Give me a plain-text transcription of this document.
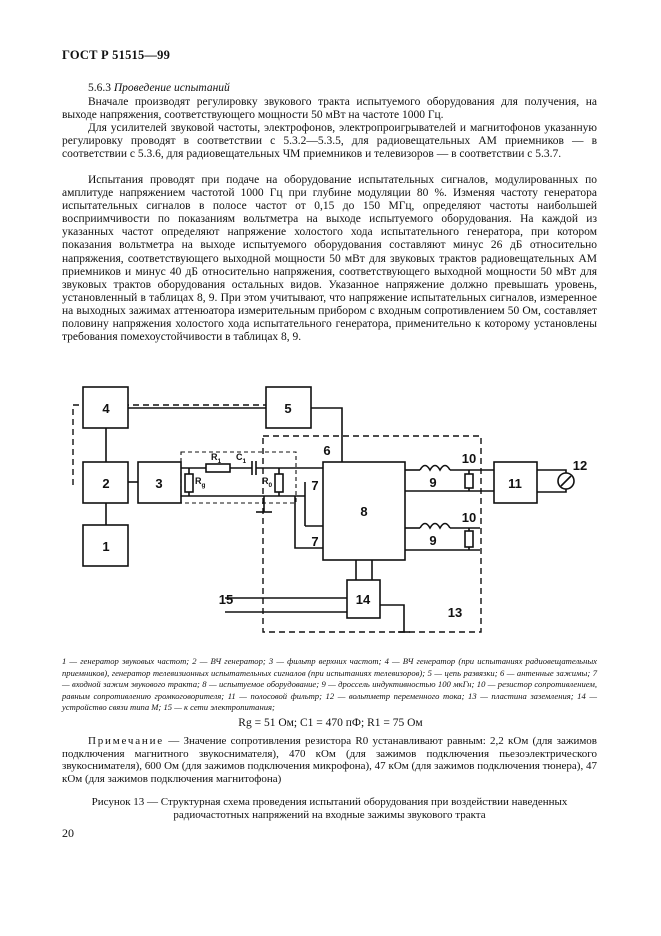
ГОСТ Р 51515—99
5.6.3 Проведение испытаний

Вначале производят регулировку звукового тракта испытуемого оборудования для получения, на выходе напряжения, соответствующего мощности 50 мВт на частоте 1000 Гц.

Для усилителей звуковой частоты, электрофонов, электропроигрывателей и магнитофонов указанную регулировку проводят в соответствии с 5.3.2—5.3.5, для радиовещательных АМ приемников — в соответствии с 5.3.6, для радиовещательных ЧМ приемников и телевизоров — в соответствии с 5.3.7.

Испытания проводят при подаче на оборудование испытательных сигналов, модулированных по амплитуде напряжением частотой 1000 Гц при глубине модуляции 80 %. Изменяя частоту генератора испытательных сигналов в полосе частот от 0,15 до 150 МГц, определяют частоты наибольшей восприимчивости по показаниям вольтметра на выходе испытуемого оборудования. На каждой из указанных частот определяют напряжение холостого хода испытательного генератора, при котором показания вольтметра на выходе испытуемого оборудования составляют минус 26 дБ относительно напряжения, соответствующего выходной мощности 50 мВт для звуковых трактов радиовещательных АМ приемников и минус 40 дБ относительно напряжения, соответствующего выходной мощности 50 мВт для звуковых трактов оборудования остальных видов. Указанное напряжение должно превышать уровень, установленный в таблицах 8, 9. При этом учитывают, что напряжение испытательных сигналов, измеренное на выходных зажимах аттенюатора измерительным прибором с входным сопротивлением 50 Ом, составляет половину напряжения холостого хода испытательного генератора, применительно к которому установлены требования помехоустойчивости в таблицах 8, 9.

1
2	3
4	5
8
11
14
6
7
7
9
9
10
10
12
13
15
$R_1$ $C_1$
$R_g$	$R_0$

1 — генератор звуковых частот; 2 — ВЧ генератор; 3 — фильтр верхних частот; 4 — ВЧ генератор (при испытаниях радиовещательных приемников), генератор телевизионных испытательных сигналов (при испытаниях телевизоров); 5 — цепь развязки; 6 — антенные зажимы; 7 — входной зажим звукового тракта; 8 — испытуемое оборудование; 9 — дроссель индуктивностью 100 мкГн; 10 — резистор сопротивлением, равным сопротивлению громкоговорителя; 11 — полосовой фильтр; 12 — вольтметр переменного тока; 13 — пластина заземления; 14 — устройство связи типа М; 15 — к сети электропитания;

Rg = 51 Ом; C1 = 470 пФ; R1 = 75 Ом

Примечание — Значение сопротивления резистора R0 устанавливают равным: 2,2 кОм (для зажимов подключения магнитного звукоснимателя), 470 кОм (для зажимов подключения пьезоэлектрического звукоснимателя), 600 Ом (для зажимов подключения микрофона), 47 кОм (для зажимов подключения тюнера), 47 кОм (для зажимов подключения магнитофона)

Рисунок 13 — Структурная схема проведения испытаний оборудования при воздействии наведенных радиочастотных напряжений на входные зажимы звукового тракта

20
